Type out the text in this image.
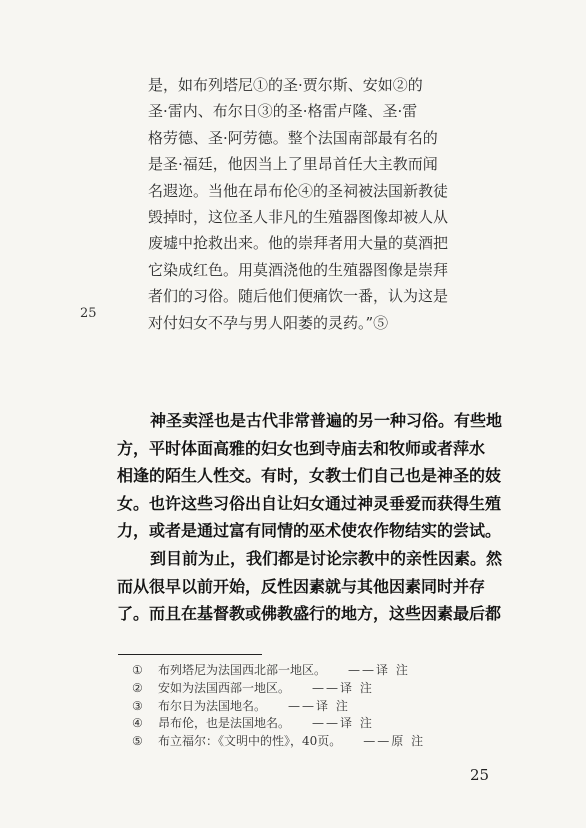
是，如布列塔尼①的圣·贾尔斯、安如②的

圣·雷内、布尔日③的圣·格雷卢隆、圣·雷

格劳德、圣·阿劳德。整个法国南部最有名的

是圣·福廷，他因当上了里昂首任大主教而闻

名遐迩。当他在昂布伦④的圣祠被法国新教徒

毁掉时，这位圣人非凡的生殖器图像却被人从

废墟中抢救出来。他的崇拜者用大量的莫酒把

它染成红色。用莫酒浇他的生殖器图像是崇拜

者们的习俗。随后他们便痛饮一番，认为这是

对付妇女不孕与男人阳萎的灵药。”⑤

25

神圣卖淫也是古代非常普遍的另一种习俗。有些地

方，平时体面高雅的妇女也到寺庙去和牧师或者萍水

相逢的陌生人性交。有时，女教士们自己也是神圣的妓

女。也许这些习俗出自让妇女通过神灵垂爱而获得生殖

力，或者是通过富有同情的巫术使农作物结实的尝试。

到目前为止，我们都是讨论宗教中的亲性因素。然

而从很早以前开始，反性因素就与其他因素同时并存

了。而且在基督教或佛教盛行的地方，这些因素最后都

①	布列塔尼为法国西北部一地区。 ——译 注
②	安如为法国西部一地区。 ——译 注
③	布尔日为法国地名。 ——译 注
④	昂布伦，也是法国地名。 ——译 注
⑤	布立福尔：《文明中的性》，40页。 ——原 注
25
